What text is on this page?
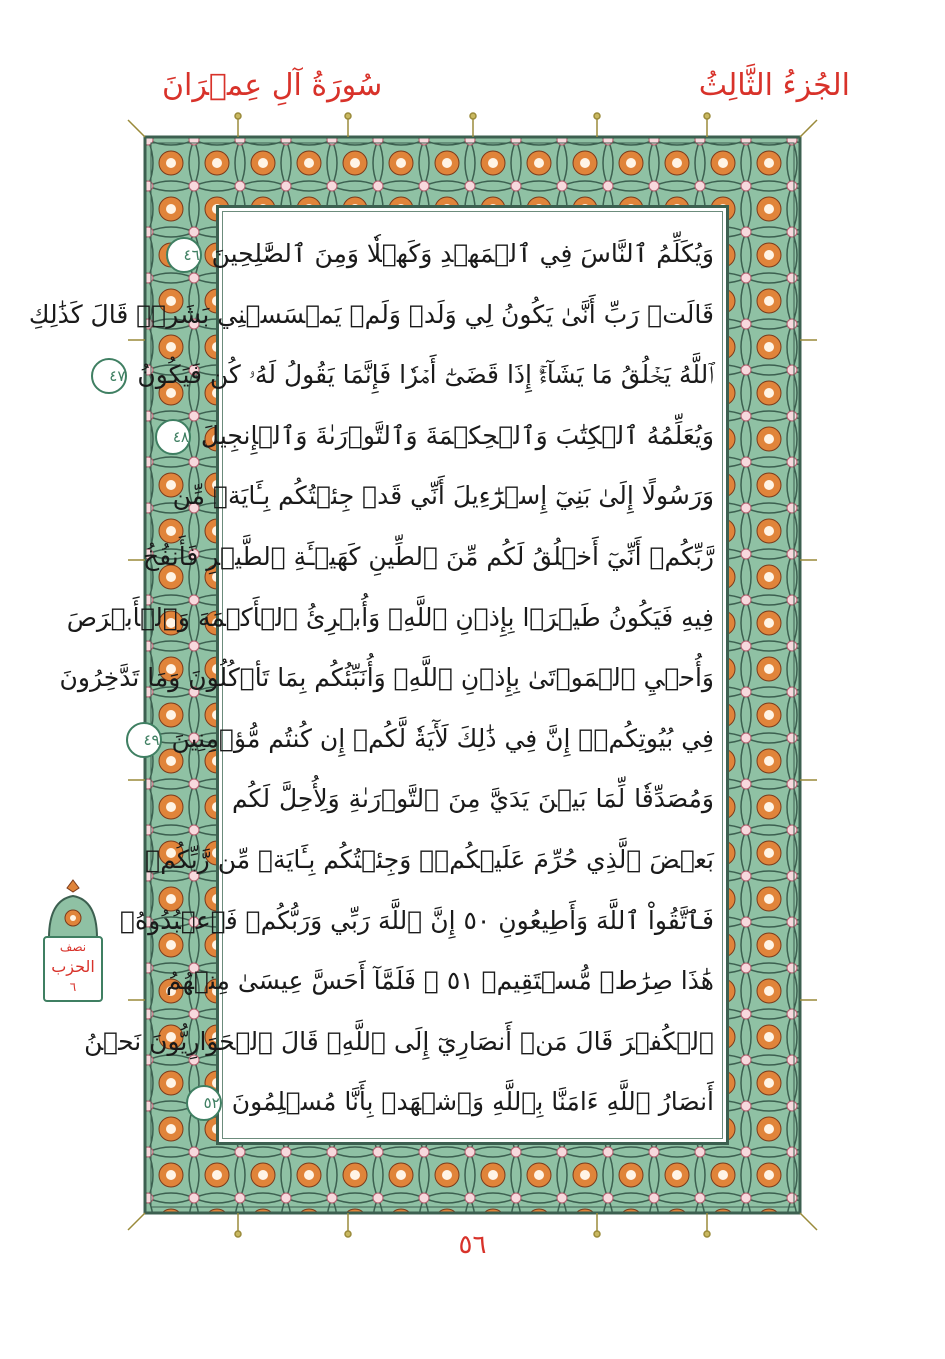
سُورَةُ آلِ عِمۡرَانَ	الجُزءُ الثَّالِثُ
وَيُكَلِّمُ ٱلنَّاسَ فِي ٱلۡمَهۡدِ وَكَهۡلٗا وَمِنَ ٱلصَّٰلِحِينَ ٤٦
قَالَتۡ رَبِّ أَنَّىٰ يَكُونُ لِي وَلَدٞ وَلَمۡ يَمۡسَسۡنِي بَشَرٞۖ قَالَ كَذَٰلِكِ
ٱللَّهُ يَخۡلُقُ مَا يَشَآءُۚ إِذَا قَضَىٰٓ أَمۡرٗا فَإِنَّمَا يَقُولُ لَهُۥ كُن فَيَكُونُ ٤٧
وَيُعَلِّمُهُ ٱلۡكِتَٰبَ وَٱلۡحِكۡمَةَ وَٱلتَّوۡرَىٰةَ وَٱلۡإِنجِيلَ ٤٨
وَرَسُولًا إِلَىٰ بَنِيٓ إِسۡرَٰٓءِيلَ أَنِّي قَدۡ جِئۡتُكُم بِـَٔايَةٖ مِّن
رَّبِّكُمۡ أَنِّيٓ أَخۡلُقُ لَكُم مِّنَ ٱلطِّينِ كَهَيۡـَٔةِ ٱلطَّيۡرِ فَأَنفُخُ
فِيهِ فَيَكُونُ طَيۡرَۢا بِإِذۡنِ ٱللَّهِۖ وَأُبۡرِئُ ٱلۡأَكۡمَهَ وَٱلۡأَبۡرَصَ
وَأُحۡيِ ٱلۡمَوۡتَىٰ بِإِذۡنِ ٱللَّهِۖ وَأُنَبِّئُكُم بِمَا تَأۡكُلُونَ وَمَا تَدَّخِرُونَ
فِي بُيُوتِكُمۡۚ إِنَّ فِي ذَٰلِكَ لَأٓيَةٗ لَّكُمۡ إِن كُنتُم مُّؤۡمِنِينَ ٤٩
وَمُصَدِّقٗا لِّمَا بَيۡنَ يَدَيَّ مِنَ ٱلتَّوۡرَىٰةِ وَلِأُحِلَّ لَكُم
بَعۡضَ ٱلَّذِي حُرِّمَ عَلَيۡكُمۡۚ وَجِئۡتُكُم بِـَٔايَةٖ مِّن رَّبِّكُمۡ
فَٱتَّقُواْ ٱللَّهَ وَأَطِيعُونِ ‏٥٠ إِنَّ ٱللَّهَ رَبِّي وَرَبُّكُمۡ فَٱعۡبُدُوهُۚ
هَٰذَا صِرَٰطٞ مُّسۡتَقِيمٞ ‏٥١ ۞ فَلَمَّآ أَحَسَّ عِيسَىٰ مِنۡهُمُ
ٱلۡكُفۡرَ قَالَ مَنۡ أَنصَارِيٓ إِلَى ٱللَّهِۖ قَالَ ٱلۡحَوَارِيُّونَ نَحۡنُ
أَنصَارُ ٱللَّهِ ءَامَنَّا بِٱللَّهِ وَٱشۡهَدۡ بِأَنَّا مُسۡلِمُونَ ٥٢
نصف
الحزب
٦
٥٦
